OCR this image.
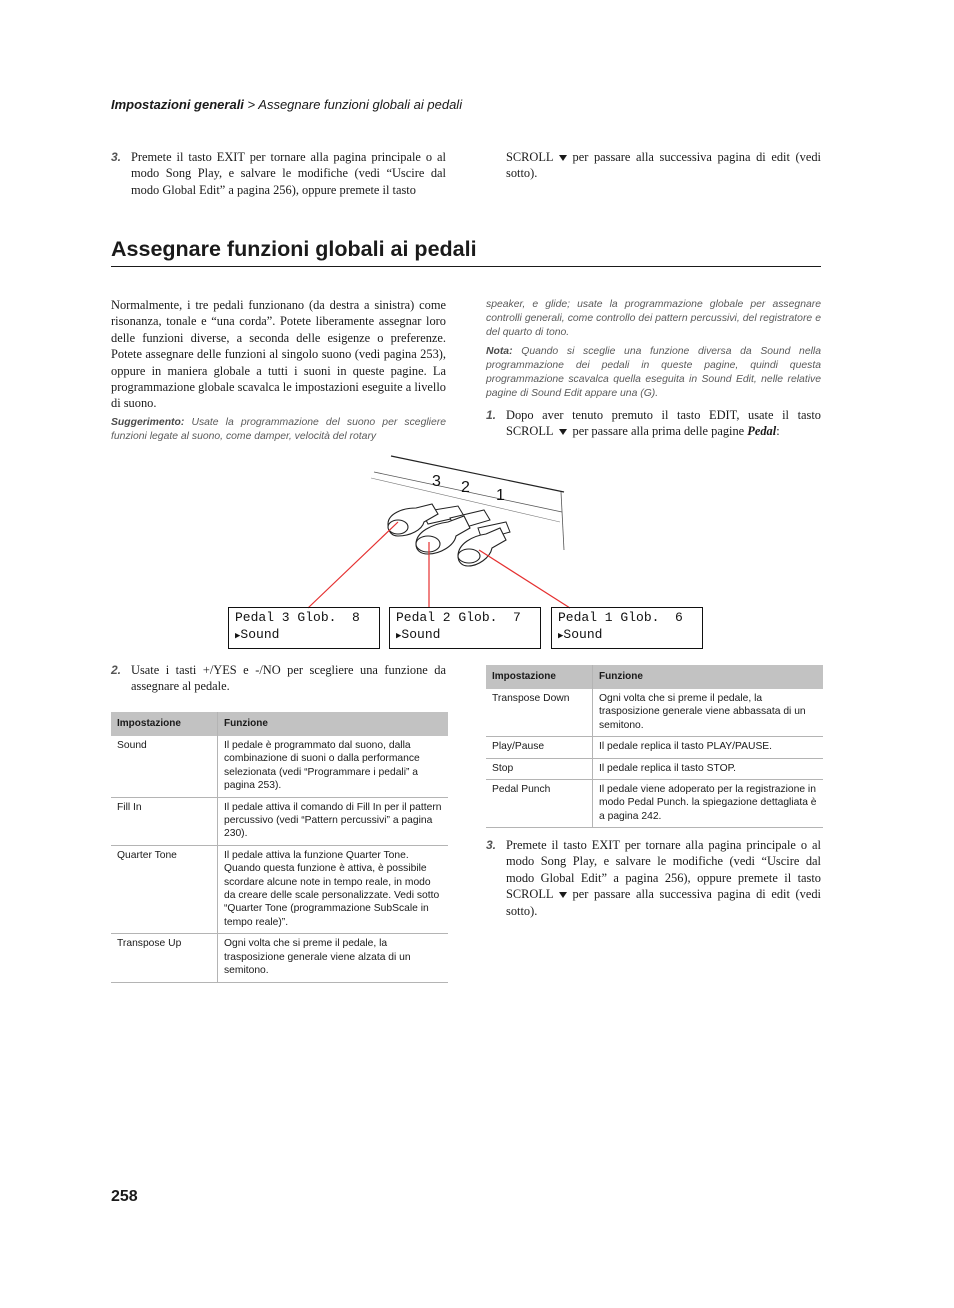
Impostazioni generali > Assegnare funzioni globali ai pedali
3. Premete il tasto EXIT per tornare alla pagina principale o al modo Song Play, e salvare le modifiche (vedi “Uscire dal modo Global Edit” a pagina 256), oppure premete il tasto
SCROLL per passare alla successiva pagina di edit (vedi sotto).
Assegnare funzioni globali ai pedali
Normalmente, i tre pedali funzionano (da destra a sinistra) come risonanza, tonale e “una corda”. Potete liberamente assegnar loro delle funzioni diverse, a seconda delle esigenze o preferenze. Potete assegnare delle funzioni al singolo suono (vedi pagina 253), oppure in maniera globale a tutti i suoni in queste pagine. La programmazione globale scavalca le impostazioni eseguite a livello di suono.
Suggerimento: Usate la programmazione del suono per scegliere funzioni legate al suono, come damper, velocità del rotary
speaker, e glide; usate la programmazione globale per assegnare controlli generali, come controllo dei pattern percussivi, del registratore e del quarto di tono.
Nota: Quando si sceglie una funzione diversa da Sound nella programmazione dei pedali in queste pagine, quindi questa programmazione scavalca quella eseguita in Sound Edit, nelle relative pagine di Sound Edit appare una (G).
1. Dopo aver tenuto premuto il tasto EDIT, usate il tasto SCROLL per passare alla prima delle pagine Pedal:
3 2 1
Pedal 3 Glob.  8
▶Sound
Pedal 2 Glob.  7
▶Sound
Pedal 1 Glob.  6
▶Sound
2. Usate i tasti +/YES e -/NO per scegliere una funzione da assegnare al pedale.
Impostazione	Funzione
Sound	Il pedale è programmato dal suono, dalla combinazione di suoni o dalla performance selezionata (vedi “Programmare i pedali” a pagina 253).
Fill In	Il pedale attiva il comando di Fill In per il pattern percussivo (vedi “Pattern percussivi” a pagina 230).
Quarter Tone	Il pedale attiva la funzione Quarter Tone. Quando questa funzione è attiva, è possibile scordare alcune note in tempo reale, in modo da creare delle scale personalizzate. Vedi sotto “Quarter Tone (programmazione SubScale in tempo reale)”.
Transpose Up	Ogni volta che si preme il pedale, la trasposizione generale viene alzata di un semitono.
Impostazione	Funzione
Transpose Down	Ogni volta che si preme il pedale, la trasposizione generale viene abbassata di un semitono.
Play/Pause	Il pedale replica il tasto PLAY/PAUSE.
Stop	Il pedale replica il tasto STOP.
Pedal Punch	Il pedale viene adoperato per la registrazione in modo Pedal Punch. la spiegazione dettagliata è a pagina 242.
3. Premete il tasto EXIT per tornare alla pagina principale o al modo Song Play, e salvare le modifiche (vedi “Uscire dal modo Global Edit” a pagina 256), oppure premete il tasto SCROLL per passare alla successiva pagina di edit (vedi sotto).
258
